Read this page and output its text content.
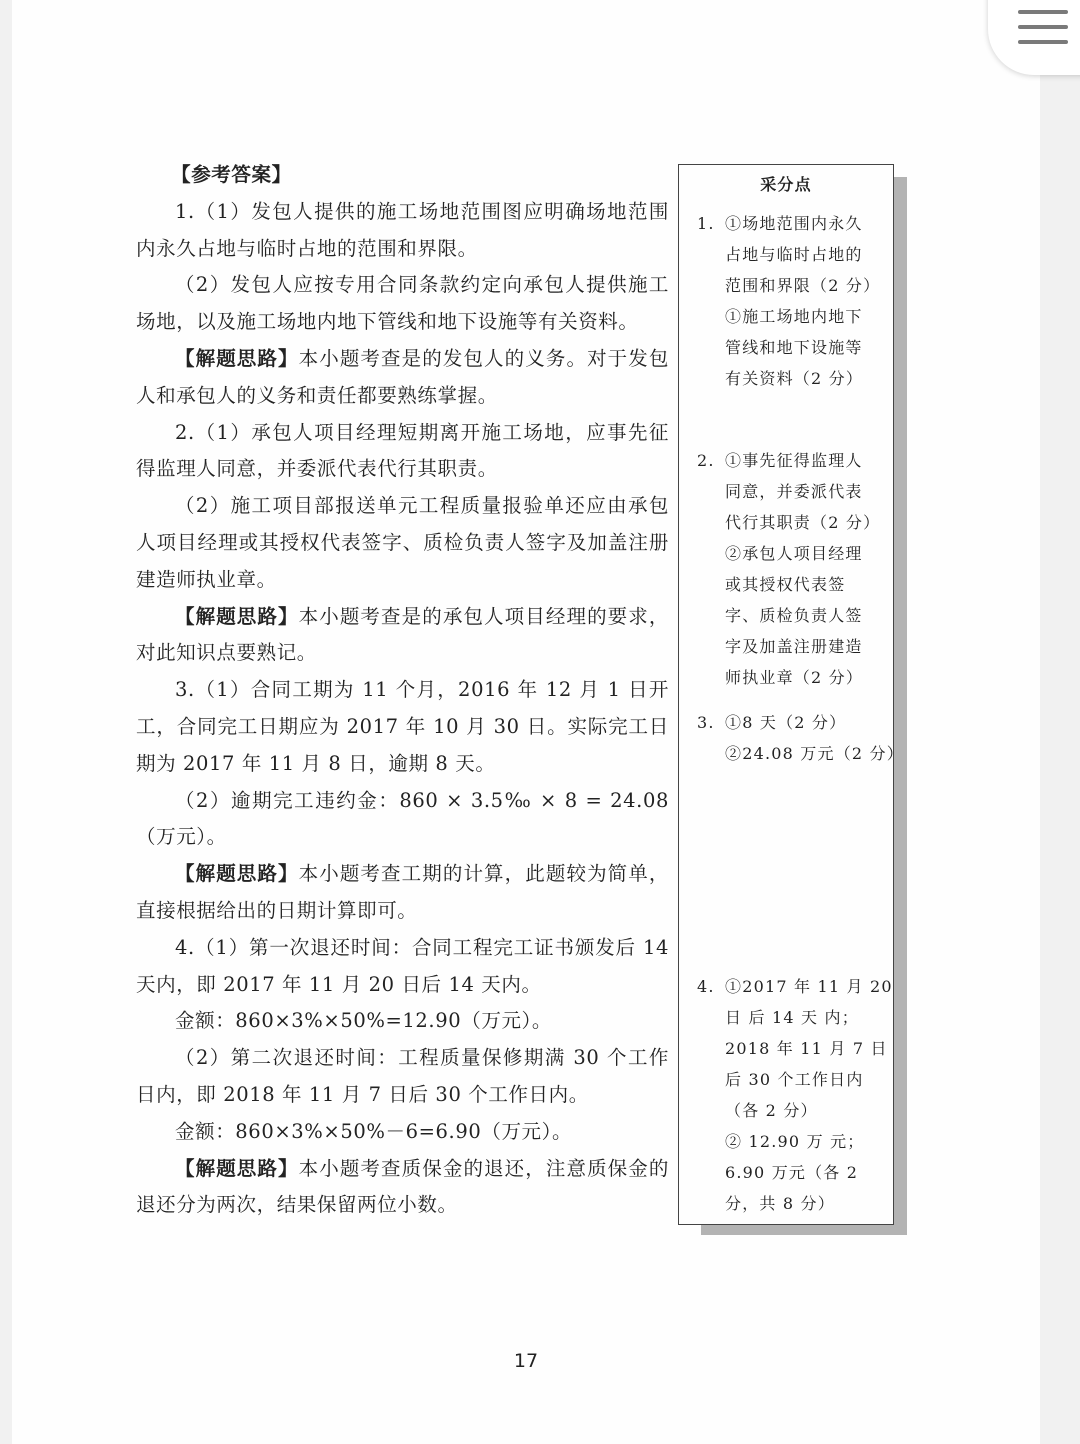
【参考答案】

1.（1）发包人提供的施工场地范围图应明确场地范围内永久占地与临时占地的范围和界限。

（2）发包人应按专用合同条款约定向承包人提供施工场地，以及施工场地内地下管线和地下设施等有关资料。

【解题思路】本小题考查是的发包人的义务。对于发包人和承包人的义务和责任都要熟练掌握。

2.（1）承包人项目经理短期离开施工场地，应事先征得监理人同意，并委派代表代行其职责。

（2）施工项目部报送单元工程质量报验单还应由承包人项目经理或其授权代表签字、质检负责人签字及加盖注册建造师执业章。

【解题思路】本小题考查是的承包人项目经理的要求，对此知识点要熟记。

3.（1）合同工期为 11 个月，2016 年 12 月 1 日开工，合同完工日期应为 2017 年 10 月 30 日。实际完工日期为 2017 年 11 月 8 日，逾期 8 天。

（2）逾期完工违约金：860 × 3.5‰ × 8 = 24.08（万元）。

【解题思路】本小题考查工期的计算，此题较为简单，直接根据给出的日期计算即可。

4.（1）第一次退还时间：合同工程完工证书颁发后 14 天内，即 2017 年 11 月 20 日后 14 天内。

金额：860×3%×50%=12.90（万元）。

（2）第二次退还时间：工程质量保修期满 30 个工作日内，即 2018 年 11 月 7 日后 30 个工作日内。

金额：860×3%×50%－6=6.90（万元）。

【解题思路】本小题考查质保金的退还，注意质保金的退还分为两次，结果保留两位小数。

采分点
1. ①场地范围内永久
占地与临时占地的
范围和界限（2 分）
①施工场地内地下
管线和地下设施等
有关资料（2 分）
2. ①事先征得监理人
同意，并委派代表
代行其职责（2 分）
②承包人项目经理
或其授权代表签
字、质检负责人签
字及加盖注册建造
师执业章（2 分）
3. ①8 天（2 分）
②24.08 万元（2 分）
4. ①2017 年 11 月 20
日 后 14 天 内；
2018 年 11 月 7 日
后 30 个工作日内
（各 2 分）
② 12.90 万 元；
6.90 万元（各 2
分，共 8 分）
17
